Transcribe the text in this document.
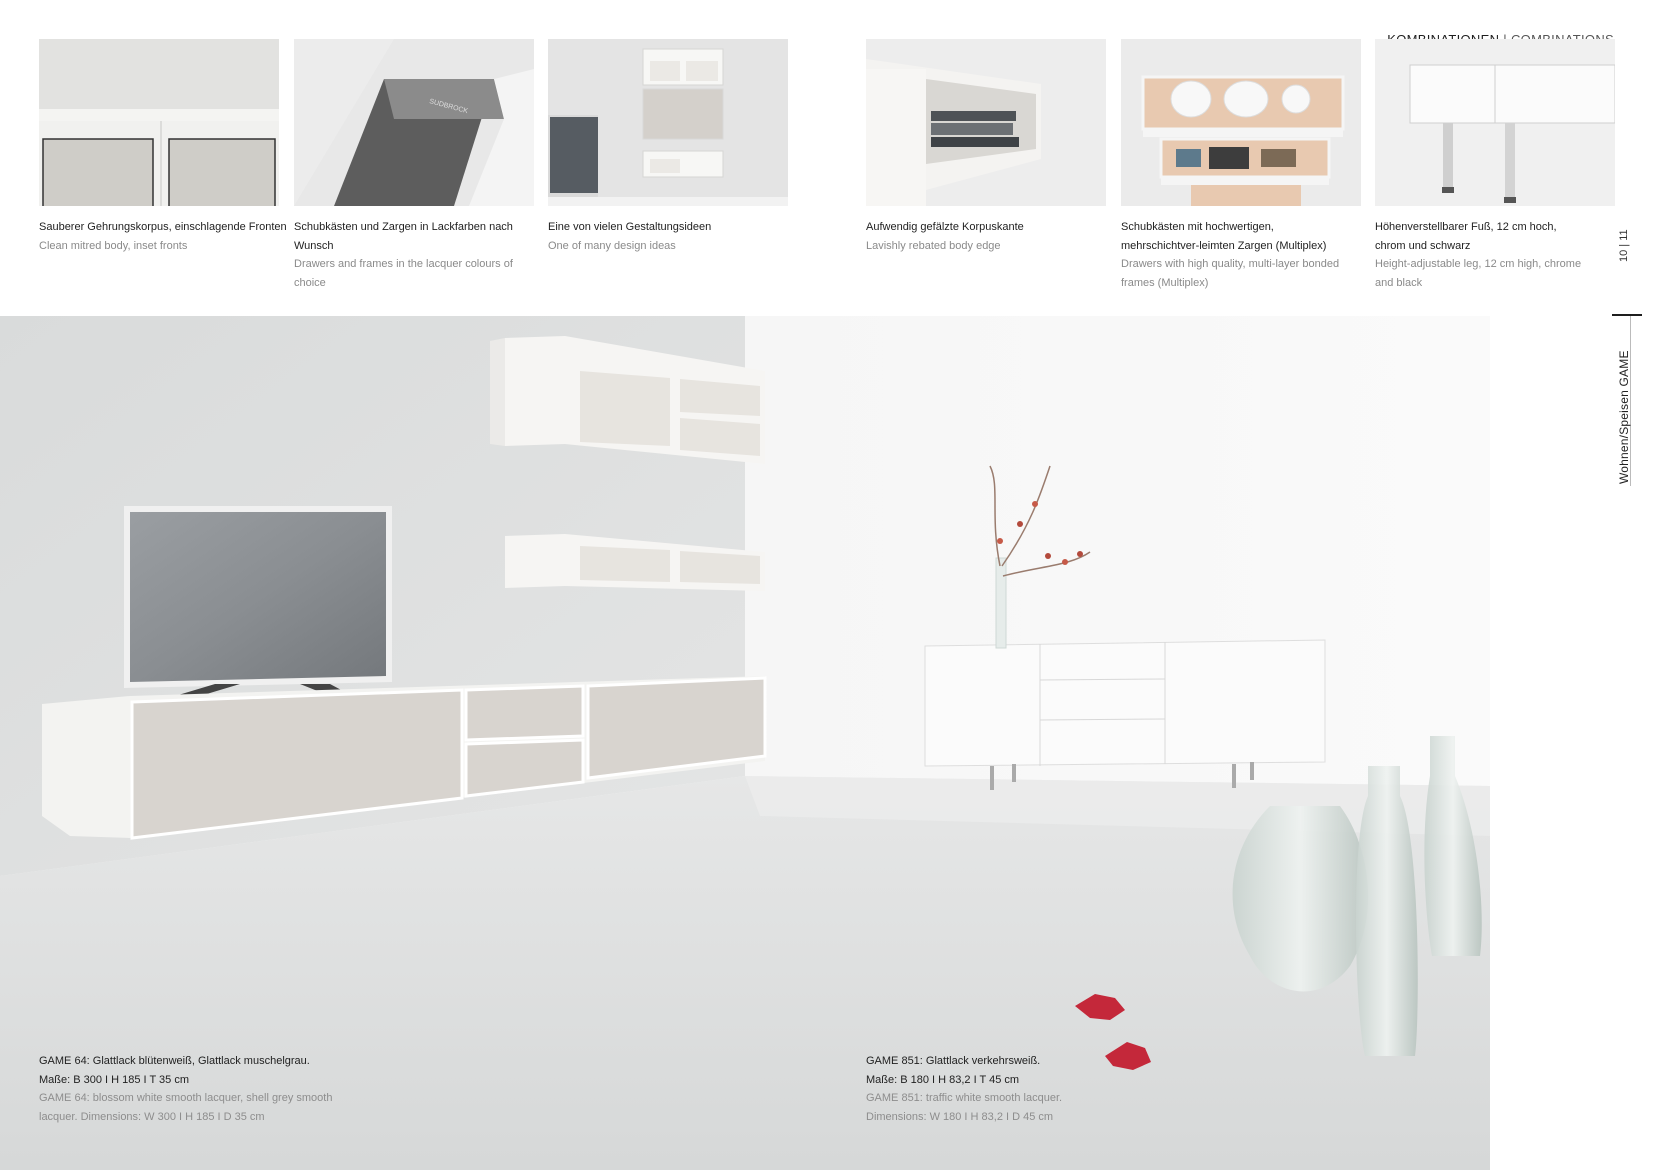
10 | 11
Wohnen/Speisen GAME
SUDBROCK
Sauberer Gehrungskorpus, einschlagende Fronten
Clean mitred body, inset fronts
Schubkästen und Zargen in Lackfarben nach Wunsch
Drawers and frames in the lacquer colours of choice
Eine von vielen Gestaltungsideen
One of many design ideas
Aufwendig gefälzte Korpuskante
Lavishly rebated body edge
Schubkästen mit hochwertigen, mehrschichtver-leimten Zargen (Multiplex)
Drawers with high quality, multi-layer bonded frames (Multiplex)
Höhenverstellbarer Fuß, 12 cm hoch, chrom und schwarz
Height-adjustable leg, 12 cm high, chrome and black
GAME 64: Glattlack blütenweiß, Glattlack muschelgrau.
Maße: B 300 I H 185 I T 35 cm
GAME 64: blossom white smooth lacquer, shell grey smooth
lacquer. Dimensions: W 300 I H 185 I D 35 cm
GAME 851: Glattlack verkehrsweiß.
Maße: B 180 I H 83,2 I T 45 cm
GAME 851: traffic white smooth lacquer.
Dimensions: W 180 I H 83,2 I D 45 cm
